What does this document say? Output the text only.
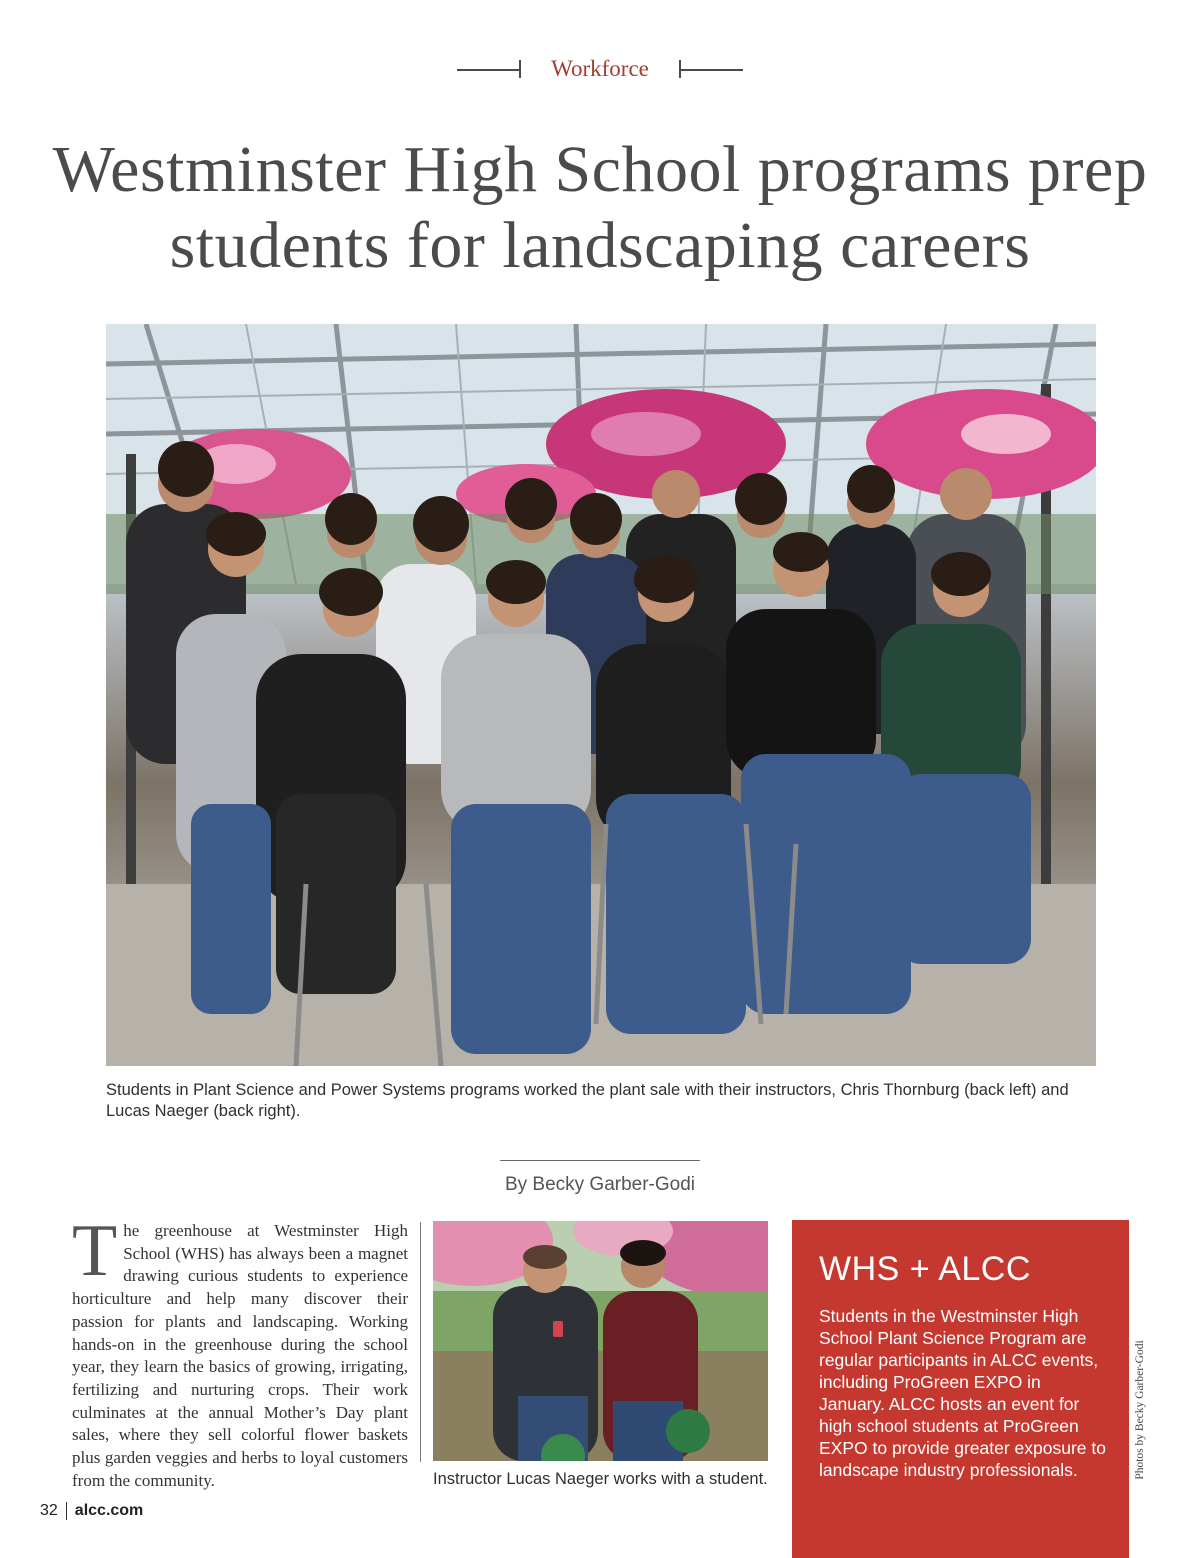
Workforce
Westminster High School programs prep students for landscaping careers
Students in Plant Science and Power Systems programs worked the plant sale with their instructors, Chris Thornburg (back left) and Lucas Naeger (back right).
By Becky Garber-Godi

The greenhouse at Westminster High School (WHS) has always been a magnet drawing curious students to experience horticulture and help many discover their passion for plants and landscaping. Working hands-on in the greenhouse during the school year, they learn the basics of growing, irrigating, fertilizing and nurturing crops. Their work culminates at the annual Mother’s Day plant sales, where they sell colorful flower baskets plus garden veggies and herbs to loyal customers from the community.	Instructor Lucas Naeger works with a student.
WHS + ALCC

Students in the Westminster High School Plant Science Program are regular participants in ALCC events, including ProGreen EXPO in January. ALCC hosts an event for high school students at ProGreen EXPO to provide greater exposure to landscape industry professionals.	Photos by Becky Garber-Godi
32 alcc.com
